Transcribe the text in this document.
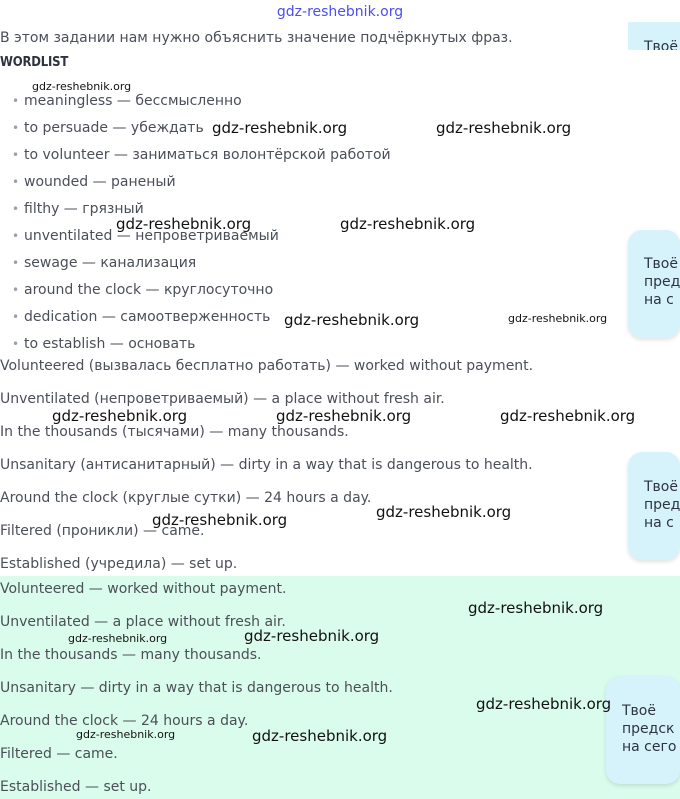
gdz-reshebnik.org
В этом задании нам нужно объяснить значение подчёркнутых фраз.
WORDLIST
• meaningless — бессмысленно
• to persuade — убеждать
• to volunteer — заниматься волонтёрской работой
• wounded — раненый
• filthy — грязный
• unventilated — непроветриваемый
• sewage — канализация
• around the clock — круглосуточно
• dedication — самоотверженность
• to establish — основать
Volunteered (вызвалась бесплатно работать) — worked without payment.
Unventilated (непроветриваемый) — a place without fresh air.
In the thousands (тысячами) — many thousands.
Unsanitary (антисанитарный) — dirty in a way that is dangerous to health.
Around the clock (круглые сутки) — 24 hours a day.
Filtered (проникли) — came.
Established (учредила) — set up.
Volunteered — worked without payment.
Unventilated — a place without fresh air.
In the thousands — many thousands.
Unsanitary — dirty in a way that is dangerous to health.
Around the clock — 24 hours a day.
Filtered — came.
Established — set up.
Твоё
Твоё
пред
на с
Твоё
пред
на с
Твоё
предск
на сего
gdz-reshebnik.org
gdz-reshebnik.org	gdz-reshebnik.org
gdz-reshebnik.org	gdz-reshebnik.org
gdz-reshebnik.org	gdz-reshebnik.org
gdz-reshebnik.org	gdz-reshebnik.org	gdz-reshebnik.org
gdz-reshebnik.org	gdz-reshebnik.org
gdz-reshebnik.org
gdz-reshebnik.org	gdz-reshebnik.org
gdz-reshebnik.org
gdz-reshebnik.org	gdz-reshebnik.org
